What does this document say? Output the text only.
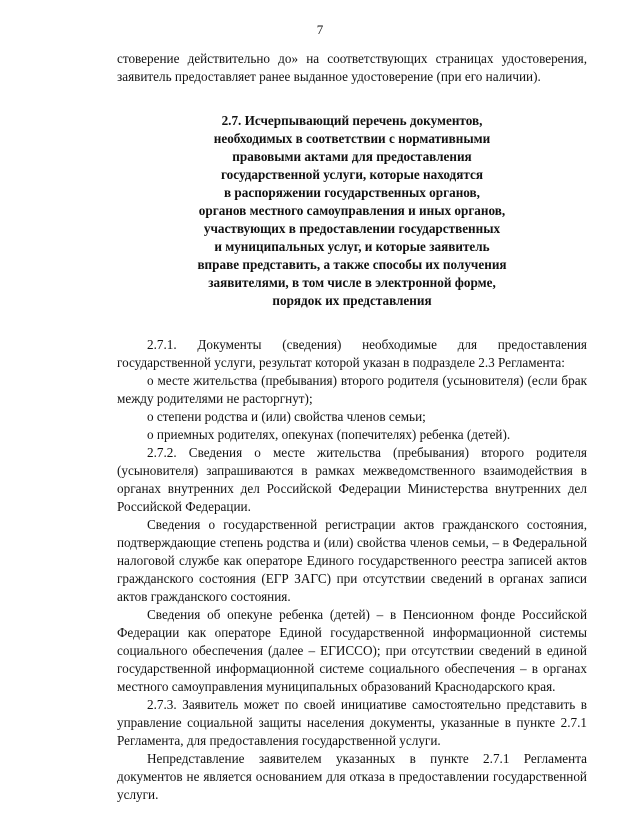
7

стоверение действительно до» на соответствующих страницах удостоверения, заявитель предоставляет ранее выданное удостоверение (при его наличии).

2.7. Исчерпывающий перечень документов,
необходимых в соответствии с нормативными
правовыми актами для предоставления
государственной услуги, которые находятся
в распоряжении государственных органов,
органов местного самоуправления и иных органов,
участвующих в предоставлении государственных
и муниципальных услуг, и которые заявитель
вправе представить, а также способы их получения
заявителями, в том числе в электронной форме,
порядок их представления

2.7.1. Документы (сведения) необходимые для предоставления государственной услуги, результат которой указан в подразделе 2.3 Регламента:

о месте жительства (пребывания) второго родителя (усыновителя) (если брак между родителями не расторгнут);

о степени родства и (или) свойства членов семьи;

о приемных родителях, опекунах (попечителях) ребенка (детей).

2.7.2. Сведения о месте жительства (пребывания) второго родителя (усыновителя) запрашиваются в рамках межведомственного взаимодействия в органах внутренних дел Российской Федерации Министерства внутренних дел Российской Федерации.

Сведения о государственной регистрации актов гражданского состояния, подтверждающие степень родства и (или) свойства членов семьи, – в Федеральной налоговой службе как операторе Единого государственного реестра записей актов гражданского состояния (ЕГР ЗАГС) при отсутствии сведений в органах записи актов гражданского состояния.

Сведения об опекуне ребенка (детей) – в Пенсионном фонде Российской Федерации как операторе Единой государственной информационной системы социального обеспечения (далее – ЕГИССО); при отсутствии сведений в единой государственной информационной системе социального обеспечения – в органах местного самоуправления муниципальных образований Краснодарского края.

2.7.3. Заявитель может по своей инициативе самостоятельно представить в управление социальной защиты населения документы, указанные в пункте 2.7.1 Регламента, для предоставления государственной услуги.

Непредставление заявителем указанных в пункте 2.7.1 Регламента документов не является основанием для отказа в предоставлении государственной услуги.
